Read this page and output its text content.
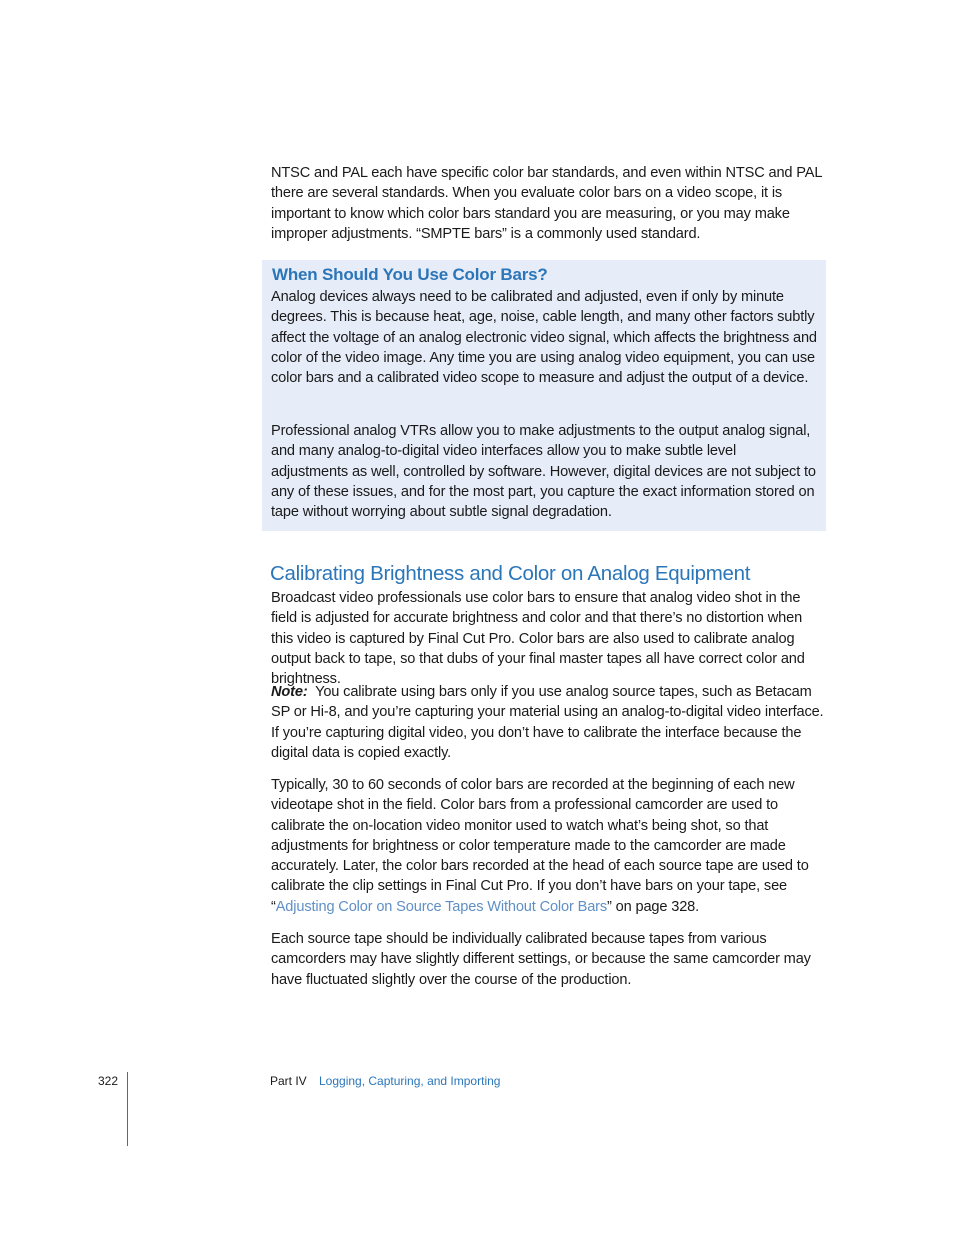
NTSC and PAL each have specific color bar standards, and even within NTSC and PAL there are several standards. When you evaluate color bars on a video scope, it is important to know which color bars standard you are measuring, or you may make improper adjustments. “SMPTE bars” is a commonly used standard.

When Should You Use Color Bars?

Analog devices always need to be calibrated and adjusted, even if only by minute degrees. This is because heat, age, noise, cable length, and many other factors subtly affect the voltage of an analog electronic video signal, which affects the brightness and color of the video image. Any time you are using analog video equipment, you can use color bars and a calibrated video scope to measure and adjust the output of a device.

Professional analog VTRs allow you to make adjustments to the output analog signal, and many analog-to-digital video interfaces allow you to make subtle level adjustments as well, controlled by software. However, digital devices are not subject to any of these issues, and for the most part, you capture the exact information stored on tape without worrying about subtle signal degradation.

Calibrating Brightness and Color on Analog Equipment

Broadcast video professionals use color bars to ensure that analog video shot in the field is adjusted for accurate brightness and color and that there’s no distortion when this video is captured by Final Cut Pro. Color bars are also used to calibrate analog output back to tape, so that dubs of your final master tapes all have correct color and brightness.

Note: You calibrate using bars only if you use analog source tapes, such as Betacam SP or Hi-8, and you’re capturing your material using an analog-to-digital video interface. If you’re capturing digital video, you don’t have to calibrate the interface because the digital data is copied exactly.

Typically, 30 to 60 seconds of color bars are recorded at the beginning of each new videotape shot in the field. Color bars from a professional camcorder are used to calibrate the on-location video monitor used to watch what’s being shot, so that adjustments for brightness or color temperature made to the camcorder are made accurately. Later, the color bars recorded at the head of each source tape are used to calibrate the clip settings in Final Cut Pro. If you don’t have bars on your tape, see “Adjusting Color on Source Tapes Without Color Bars” on page 328.

Each source tape should be individually calibrated because tapes from various camcorders may have slightly different settings, or because the same camcorder may have fluctuated slightly over the course of the production.

322	Part IV Logging, Capturing, and Importing
